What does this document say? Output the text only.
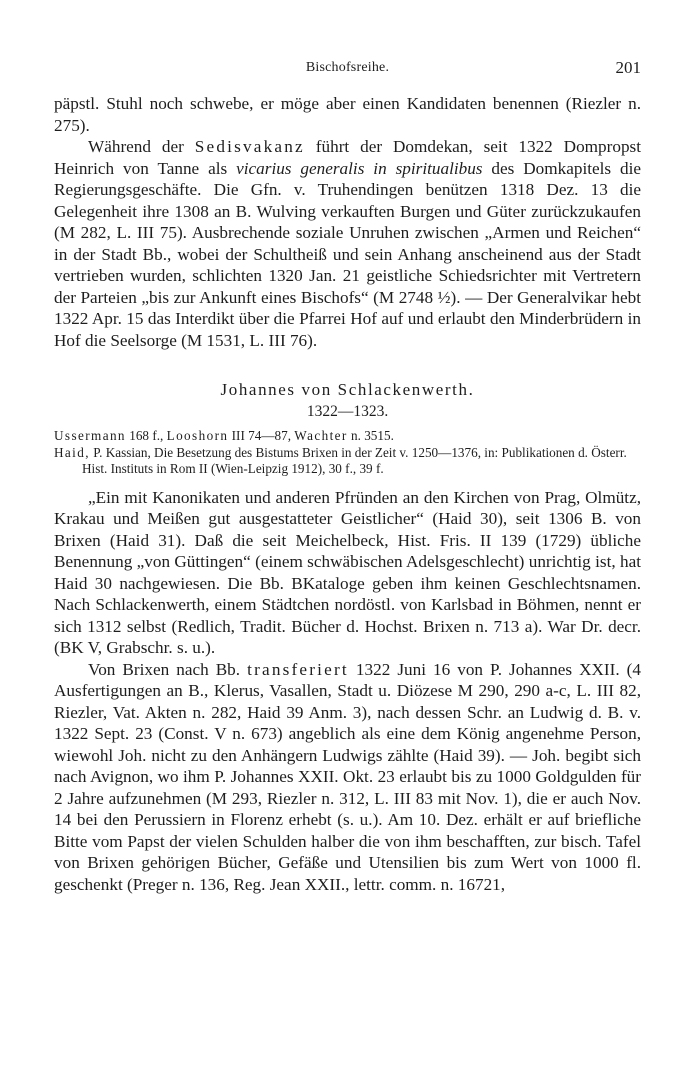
Bischofsreihe.	201

päpstl. Stuhl noch schwebe, er möge aber einen Kandidaten benennen (Riezler n. 275).

Während der Sedisvakanz führt der Domdekan, seit 1322 Dompropst Heinrich von Tanne als vicarius generalis in spiritualibus des Domkapitels die Regierungsgeschäfte. Die Gfn. v. Truhendingen benützen 1318 Dez. 13 die Gelegenheit ihre 1308 an B. Wulving verkauften Burgen und Güter zurückzukaufen (M 282, L. III 75). Ausbrechende soziale Unruhen zwischen „Armen und Reichen“ in der Stadt Bb., wobei der Schultheiß und sein Anhang anscheinend aus der Stadt vertrieben wurden, schlichten 1320 Jan. 21 geistliche Schiedsrichter mit Vertretern der Parteien „bis zur Ankunft eines Bischofs“ (M 2748 ½). — Der Generalvikar hebt 1322 Apr. 15 das Interdikt über die Pfarrei Hof auf und erlaubt den Minderbrüdern in Hof die Seelsorge (M 1531, L. III 76).

Johannes von Schlackenwerth.
1322—1323.
Ussermann 168 f., Looshorn III 74—87, Wachter n. 3515.
Haid, P. Kassian, Die Besetzung des Bistums Brixen in der Zeit v. 1250—1376, in: Publikationen d. Österr. Hist. Instituts in Rom II (Wien-Leipzig 1912), 30 f., 39 f.

„Ein mit Kanonikaten und anderen Pfründen an den Kirchen von Prag, Olmütz, Krakau und Meißen gut ausgestatteter Geistlicher“ (Haid 30), seit 1306 B. von Brixen (Haid 31). Daß die seit Meichelbeck, Hist. Fris. II 139 (1729) übliche Benennung „von Güttingen“ (einem schwäbischen Adelsgeschlecht) unrichtig ist, hat Haid 30 nachgewiesen. Die Bb. BKataloge geben ihm keinen Geschlechtsnamen. Nach Schlackenwerth, einem Städtchen nordöstl. von Karlsbad in Böhmen, nennt er sich 1312 selbst (Redlich, Tradit. Bücher d. Hochst. Brixen n. 713 a). War Dr. decr. (BK V, Grabschr. s. u.).

Von Brixen nach Bb. transferiert 1322 Juni 16 von P. Johannes XXII. (4 Ausfertigungen an B., Klerus, Vasallen, Stadt u. Diözese M 290, 290 a-c, L. III 82, Riezler, Vat. Akten n. 282, Haid 39 Anm. 3), nach dessen Schr. an Ludwig d. B. v. 1322 Sept. 23 (Const. V n. 673) angeblich als eine dem König angenehme Person, wiewohl Joh. nicht zu den Anhängern Ludwigs zählte (Haid 39). — Joh. begibt sich nach Avignon, wo ihm P. Johannes XXII. Okt. 23 erlaubt bis zu 1000 Goldgulden für 2 Jahre aufzunehmen (M 293, Riezler n. 312, L. III 83 mit Nov. 1), die er auch Nov. 14 bei den Perussiern in Florenz erhebt (s. u.). Am 10. Dez. erhält er auf briefliche Bitte vom Papst der vielen Schulden halber die von ihm beschafften, zur bisch. Tafel von Brixen gehörigen Bücher, Gefäße und Utensilien bis zum Wert von 1000 fl. geschenkt (Preger n. 136, Reg. Jean XXII., lettr. comm. n. 16721,
